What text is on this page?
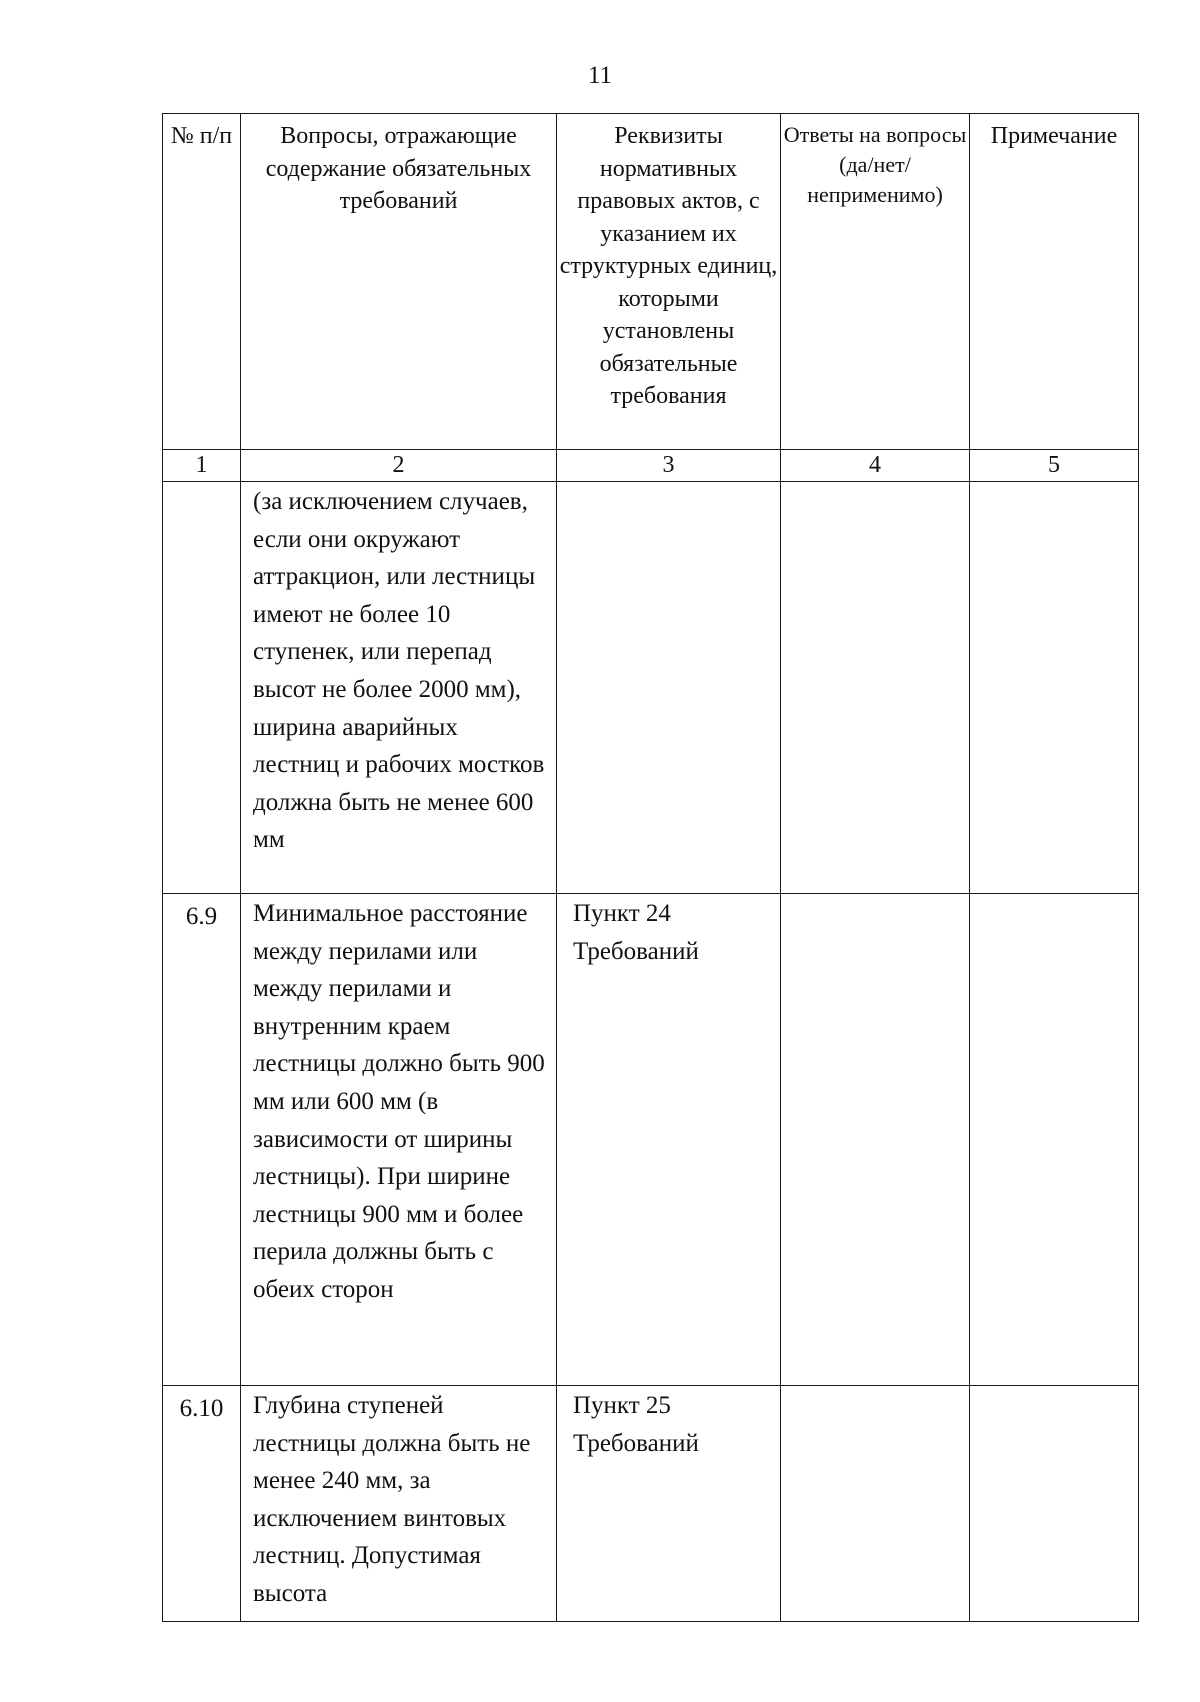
11
№ п/п	Вопросы, отражающие содержание обязательных требований	Реквизиты нормативных правовых актов, с указанием их структурных единиц, которыми установлены обязательные требования	Ответы на вопросы (да/нет/ неприменимо)	Примечание
1	2	3	4	5
	(за исключением случаев, если они окружают аттракцион, или лестницы имеют не более 10 ступенек, или перепад высот не более 2000 мм), ширина аварийных лестниц и рабочих мостков должна быть не менее 600 мм			
6.9	Минимальное расстояние между перилами или между перилами и внутренним краем лестницы должно быть 900 мм или 600 мм (в зависимости от ширины лестницы). При ширине лестницы 900 мм и более перила должны быть с обеих сторон	Пункт 24 Требований		
6.10	Глубина ступеней лестницы должна быть не менее 240 мм, за исключением винтовых лестниц. Допустимая высота	Пункт 25 Требований		
